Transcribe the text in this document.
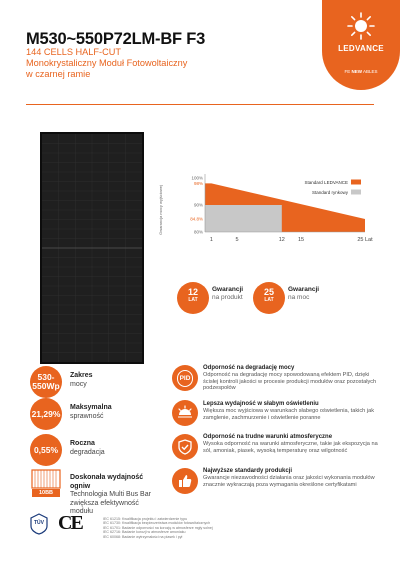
M530~550P72LM-BF F3
144 CELLS HALF-CUT
Monokrystaliczny Moduł Fotowoltaiczny
w czarnej ramie
LEDVANCE
FE NEW ABLES
100%
98%
90%
84.8%
80%
1	5	12 15	25 Lat
Standard LEDVANCE
Standard rynkowy
Gwarancja mocy wyjściowej
12
LAT
Gwarancji
na produkt
25
LAT
Gwarancji
na moc
530-
550Wp
Zakres
mocy
21,29%
Maksymalna
sprawność
0,55%
Roczna
degradacja
10BB
Doskonała wydajność ogniw
Technologia Multi Bus Bar zwiększa efektywność modułu
PID
Odporność na degradację mocy
Odporność na degradację mocy spowodowaną efektem PID, dzięki ścisłej kontroli jakości w procesie produkcji modułów oraz pozostałych podzespołów
Lepsza wydajność w słabym oświetleniu
Większa moc wyjściowa w warunkach słabego oświetlenia, takich jak zamglenie, zachmurzenie i oświetlenie poranne
Odporność na trudne warunki atmosferyczne
Wysoka odporność na warunki atmosferyczne, takie jak ekspozycja na sól, amoniak, piasek, wysoką temperaturę oraz wilgotność
Najwyższe standardy produkcji
Gwarancje niezawodności działania oraz jakości wykonania modułów znacznie wykraczają poza wymagania określone certyfikatami
TÜV CE	IEC 61215: Kwalifikacja projektu i zatwierdzenie typu
IEC 61730: Kwalifikacja bezpieczeństwa modułów fotowoltaicznych
IEC 61701: Badanie odporności na korozję w atmosferze mgły solnej
IEC 62716: Badanie korozji w atmosferze amoniaku
IEC 60068: Badanie wytrzymałości na piasek i pył
